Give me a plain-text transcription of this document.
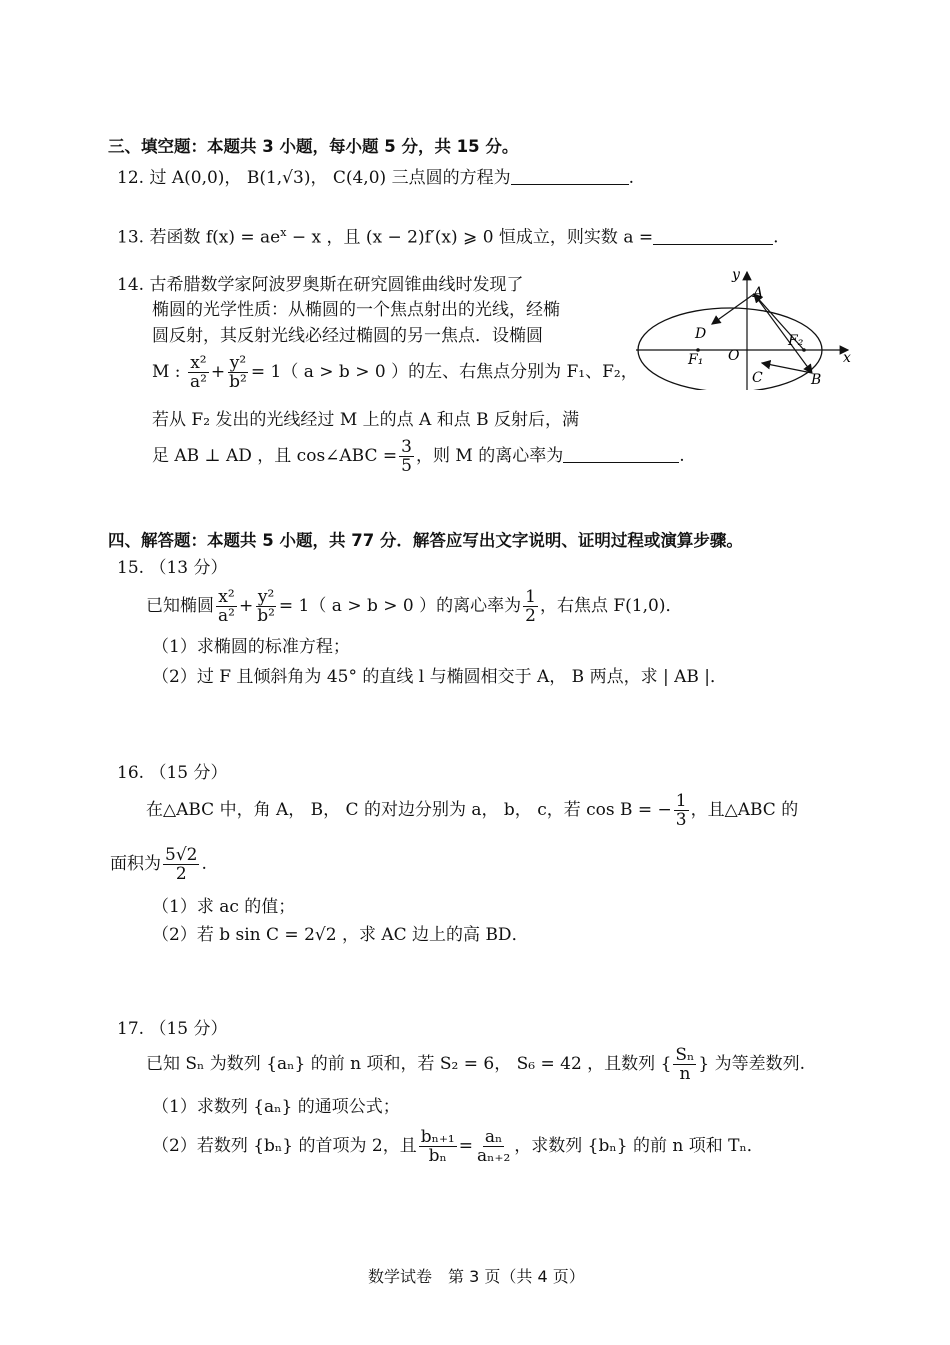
三、填空题：本题共 3 小题，每小题 5 分，共 15 分。
12. 过 A(0,0)， B(1,√3)， C(4,0) 三点圆的方程为	.
13. 若函数 $f(x) = ae^x - x$ ，且 (x − 2)f′(x) ⩾ 0 恒成立，则实数 a =	.
14. 古希腊数学家阿波罗奥斯在研究圆锥曲线时发现了
椭圆的光学性质：从椭圆的一个焦点射出的光线，经椭
圆反射，其反射光线必经过椭圆的另一焦点．设椭圆
M : $\frac{\text{x²}}{\text{a²}} + \frac{\text{y²}}{\text{b²}} = 1$（ a > b > 0 ）的左、右焦点分别为 F₁、F₂，
若从 F₂ 发出的光线经过 M 上的点 A 和点 B 反射后，满
足 AB ⊥ AD ，且 cos∠ABC = $\frac{3}{5}$ ，则 M 的离心率为	.
y
x
A
B
C
D
O
F₁
F₂
四、解答题：本题共 5 小题，共 77 分．解答应写出文字说明、证明过程或演算步骤。
15. （13 分）
已知椭圆 $\frac{\text{x²}}{\text{a²}} + \frac{\text{y²}}{\text{b²}} = 1$（ a > b > 0 ）的离心率为 $\frac{1}{2}$ ，右焦点 F(1,0)．
（1）求椭圆的标准方程；
（2）过 F 且倾斜角为 45° 的直线 l 与椭圆相交于 A， B 两点，求 | AB |．
16. （15 分）
在△ABC 中，角 A， B， C 的对边分别为 a， b， c，若 cos B = − $\frac{1}{3}$ ，且△ABC 的
面积为 $\frac{5√2}{2}$ .
（1）求 ac 的值；
（2）若 b sin C = 2√2 ，求 AC 边上的高 BD．
17. （15 分）
已知 Sₙ 为数列 {aₙ} 的前 n 项和，若 S₂ = 6， S₆ = 42 ，且数列 { $\frac{\text{Sₙ}}{n}$ } 为等差数列.
（1）求数列 {aₙ} 的通项公式；
（2）若数列 {bₙ} 的首项为 2，且 $\frac{\text{bₙ₊₁}}{\text{bₙ}} = \frac{\text{aₙ}}{\text{aₙ₊₂}}$ ，求数列 {bₙ} 的前 n 项和 Tₙ．
数学试卷　第 3 页（共 4 页）
